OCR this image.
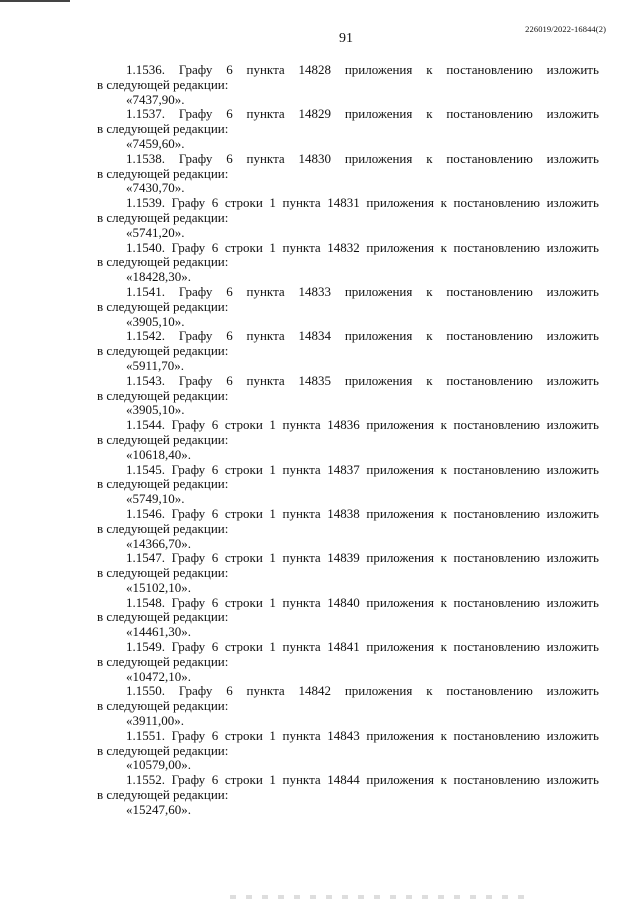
91
226019/2022-16844(2)
1.1536. Графу 6 пункта 14828 приложения к постановлению изложить
в следующей редакции:
«7437,90».
1.1537. Графу 6 пункта 14829 приложения к постановлению изложить
в следующей редакции:
«7459,60».
1.1538. Графу 6 пункта 14830 приложения к постановлению изложить
в следующей редакции:
«7430,70».
1.1539. Графу 6 строки 1 пункта 14831 приложения к постановлению изложить
в следующей редакции:
«5741,20».
1.1540. Графу 6 строки 1 пункта 14832 приложения к постановлению изложить
в следующей редакции:
«18428,30».
1.1541. Графу 6 пункта 14833 приложения к постановлению изложить
в следующей редакции:
«3905,10».
1.1542. Графу 6 пункта 14834 приложения к постановлению изложить
в следующей редакции:
«5911,70».
1.1543. Графу 6 пункта 14835 приложения к постановлению изложить
в следующей редакции:
«3905,10».
1.1544. Графу 6 строки 1 пункта 14836 приложения к постановлению изложить
в следующей редакции:
«10618,40».
1.1545. Графу 6 строки 1 пункта 14837 приложения к постановлению изложить
в следующей редакции:
«5749,10».
1.1546. Графу 6 строки 1 пункта 14838 приложения к постановлению изложить
в следующей редакции:
«14366,70».
1.1547. Графу 6 строки 1 пункта 14839 приложения к постановлению изложить
в следующей редакции:
«15102,10».
1.1548. Графу 6 строки 1 пункта 14840 приложения к постановлению изложить
в следующей редакции:
«14461,30».
1.1549. Графу 6 строки 1 пункта 14841 приложения к постановлению изложить
в следующей редакции:
«10472,10».
1.1550. Графу 6 пункта 14842 приложения к постановлению изложить
в следующей редакции:
«3911,00».
1.1551. Графу 6 строки 1 пункта 14843 приложения к постановлению изложить
в следующей редакции:
«10579,00».
1.1552. Графу 6 строки 1 пункта 14844 приложения к постановлению изложить
в следующей редакции:
«15247,60».
